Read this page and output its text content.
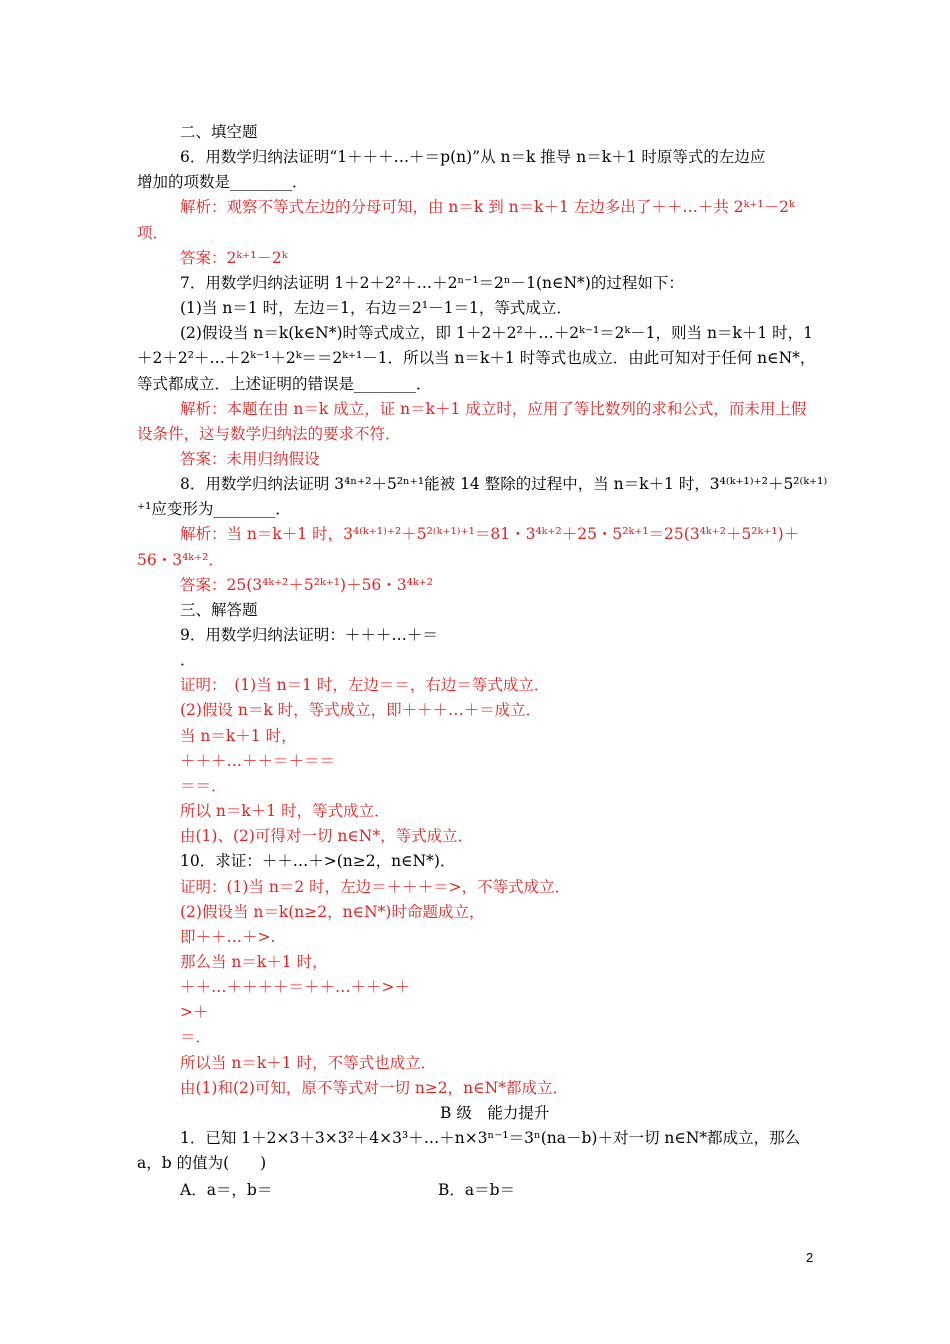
二、填空题
6．用数学归纳法证明“1＋＋＋…＋＝p(n)”从 n＝k 推导 n＝k＋1 时原等式的左边应
增加的项数是________．
解析：观察不等式左边的分母可知，由 n＝k 到 n＝k＋1 左边多出了＋＋…＋共 2ᵏ⁺¹－2ᵏ
项．
答案：2ᵏ⁺¹－2ᵏ
7．用数学归纳法证明 1＋2＋2²＋…＋2ⁿ⁻¹＝2ⁿ－1(n∈N*)的过程如下：
(1)当 n＝1 时，左边＝1，右边＝2¹－1＝1，等式成立．
(2)假设当 n＝k(k∈N*)时等式成立，即 1＋2＋2²＋…＋2ᵏ⁻¹＝2ᵏ－1，则当 n＝k＋1 时，1
＋2＋2²＋…＋2ᵏ⁻¹＋2ᵏ＝＝2ᵏ⁺¹－1．所以当 n＝k＋1 时等式也成立．由此可知对于任何 n∈N*，
等式都成立．上述证明的错误是________．
解析：本题在由 n＝k 成立，证 n＝k＋1 成立时，应用了等比数列的求和公式，而未用上假
设条件，这与数学归纳法的要求不符．
答案：未用归纳假设
8．用数学归纳法证明 3⁴ⁿ⁺²＋5²ⁿ⁺¹能被 14 整除的过程中，当 n＝k＋1 时，3⁴⁽ᵏ⁺¹⁾⁺²＋5²⁽ᵏ⁺¹⁾
⁺¹应变形为________．
解析：当 n＝k＋1 时，3⁴⁽ᵏ⁺¹⁾⁺²＋5²⁽ᵏ⁺¹⁾⁺¹＝81・3⁴ᵏ⁺²＋25・5²ᵏ⁺¹＝25(3⁴ᵏ⁺²＋5²ᵏ⁺¹)＋
56・3⁴ᵏ⁺²．
答案：25(3⁴ᵏ⁺²＋5²ᵏ⁺¹)＋56・3⁴ᵏ⁺²
三、解答题
9．用数学归纳法证明：＋＋＋…＋＝
．
证明：　(1)当 n＝1 时，左边＝＝，右边＝等式成立．
(2)假设 n＝k 时，等式成立，即＋＋＋…＋＝成立．
当 n＝k＋1 时，
＋＋＋…＋＋＝＋＝＝
＝＝．
所以 n＝k＋1 时，等式成立．
由(1)、(2)可得对一切 n∈N*，等式成立．
10．求证：＋＋…＋>(n≥2，n∈N*)．
证明：(1)当 n＝2 时，左边＝＋＋＋＝>，不等式成立．
(2)假设当 n＝k(n≥2，n∈N*)时命题成立，
即＋＋…＋>.
那么当 n＝k＋1 时，
＋＋…＋＋＋＋＝＋＋…＋＋>＋
>＋
＝．
所以当 n＝k＋1 时，不等式也成立．
由(1)和(2)可知，原不等式对一切 n≥2，n∈N*都成立．
B 级　能力提升
1．已知 1＋2×3＋3×3²＋4×3³＋…＋n×3ⁿ⁻¹＝3ⁿ(na－b)＋对一切 n∈N*都成立，那么
a，b 的值为(　　)
A．a＝，b＝	B．a＝b＝
2
